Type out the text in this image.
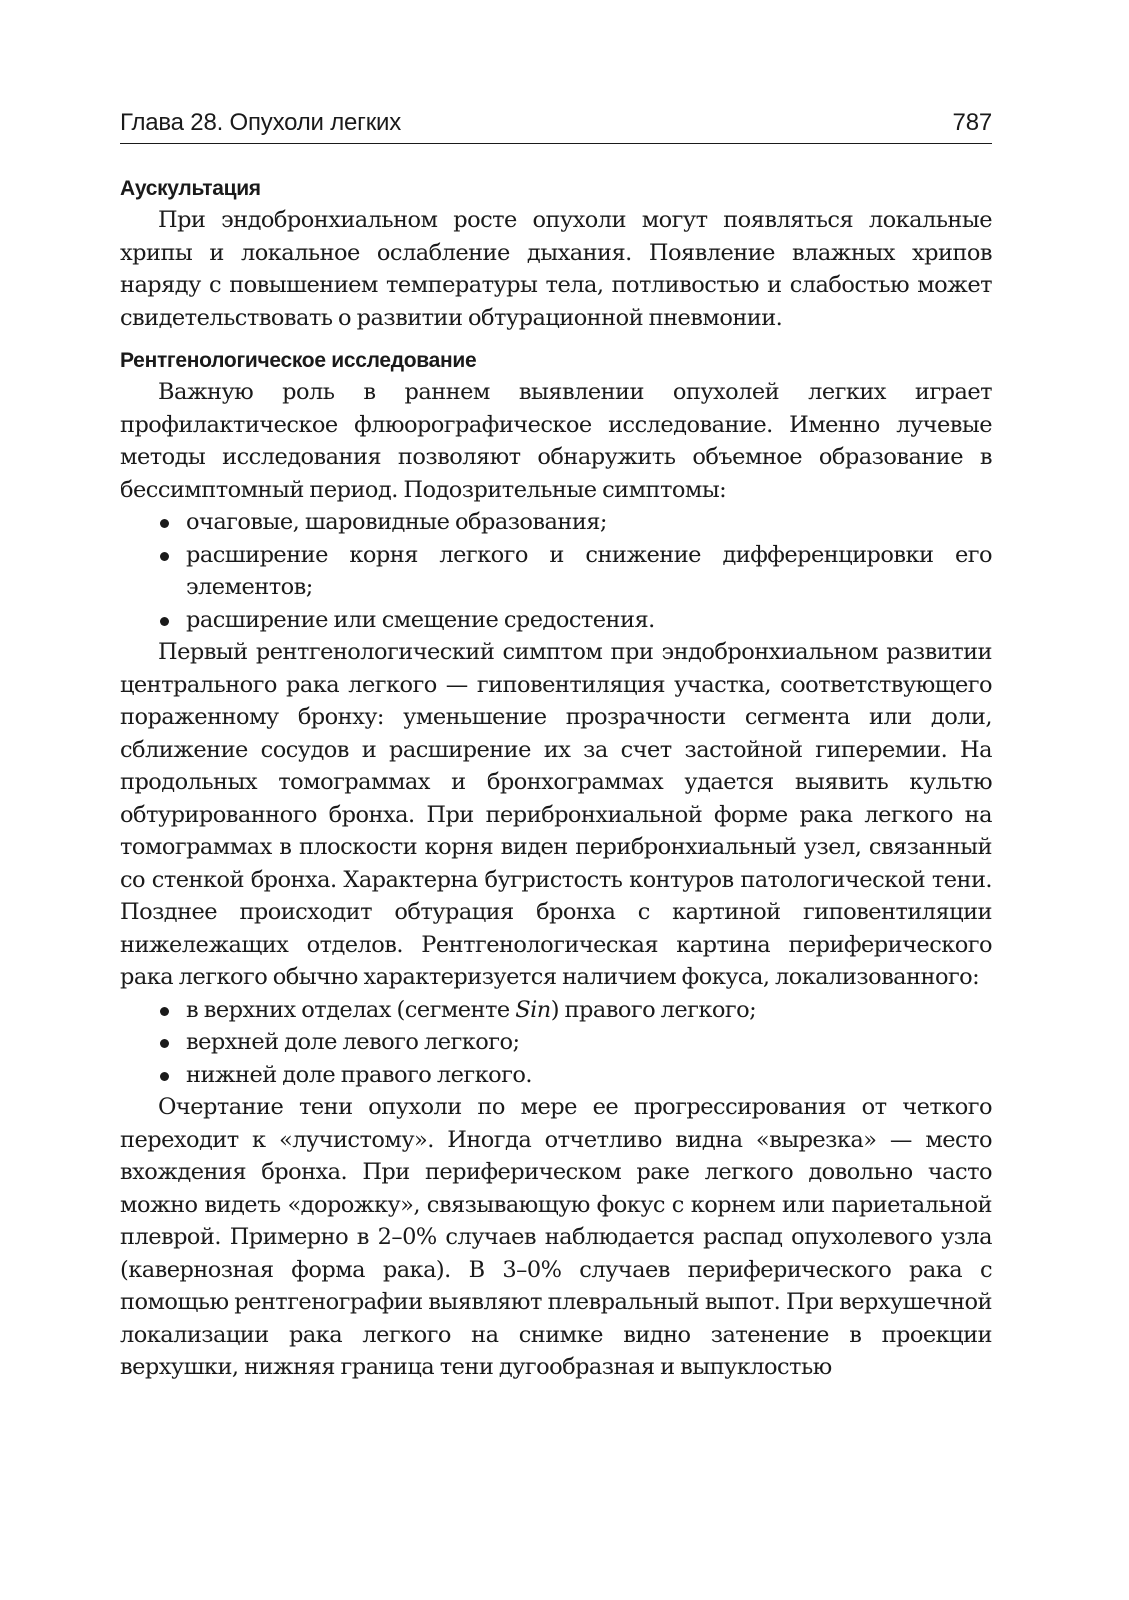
Глава 28. Опухоли легких	787
Аускультация

При эндобронхиальном росте опухоли могут появляться локальные хрипы и локальное ослабление дыхания. Появление влажных хрипов наряду с повышением температуры тела, потливостью и слабостью может свидетельствовать о развитии обтурационной пневмонии.

Рентгенологическое исследование

Важную роль в раннем выявлении опухолей легких играет профилактическое флюорографическое исследование. Именно лучевые методы исследования позволяют обнаружить объемное образование в бессимптомный период. Подозрительные симптомы:

очаговые, шаровидные образования;
расширение корня легкого и снижение дифференцировки его элементов;
расширение или смещение средостения.

Первый рентгенологический симптом при эндобронхиальном развитии центрального рака легкого — гиповентиляция участка, соответствующего пораженному бронху: уменьшение прозрачности сегмента или доли, сближение сосудов и расширение их за счет застойной гиперемии. На продольных томограммах и бронхограммах удается выявить культю обтурированного бронха. При перибронхиальной форме рака легкого на томограммах в плоскости корня виден перибронхиальный узел, связанный со стенкой бронха. Характерна бугристость контуров патологической тени. Позднее происходит обтурация бронха с картиной гиповентиляции нижележащих отделов. Рентгенологическая картина периферического рака легкого обычно характеризуется наличием фокуса, локализованного:

в верхних отделах (сегменте Sin) правого легкого;
верхней доле левого легкого;
нижней доле правого легкого.

Очертание тени опухоли по мере ее прогрессирования от четкого переходит к «лучистому». Иногда отчетливо видна «вырезка» — место вхождения бронха. При периферическом раке легкого довольно часто можно видеть «дорожку», связывающую фокус с корнем или париетальной плеврой. Примерно в 2–0% случаев наблюдается распад опухолевого узла (кавернозная форма рака). В 3–0% случаев периферического рака с помощью рентгенографии выявляют плевральный выпот. При верхушечной локализации рака легкого на снимке видно затенение в проекции верхушки, нижняя граница тени дугообразная и выпуклостью
